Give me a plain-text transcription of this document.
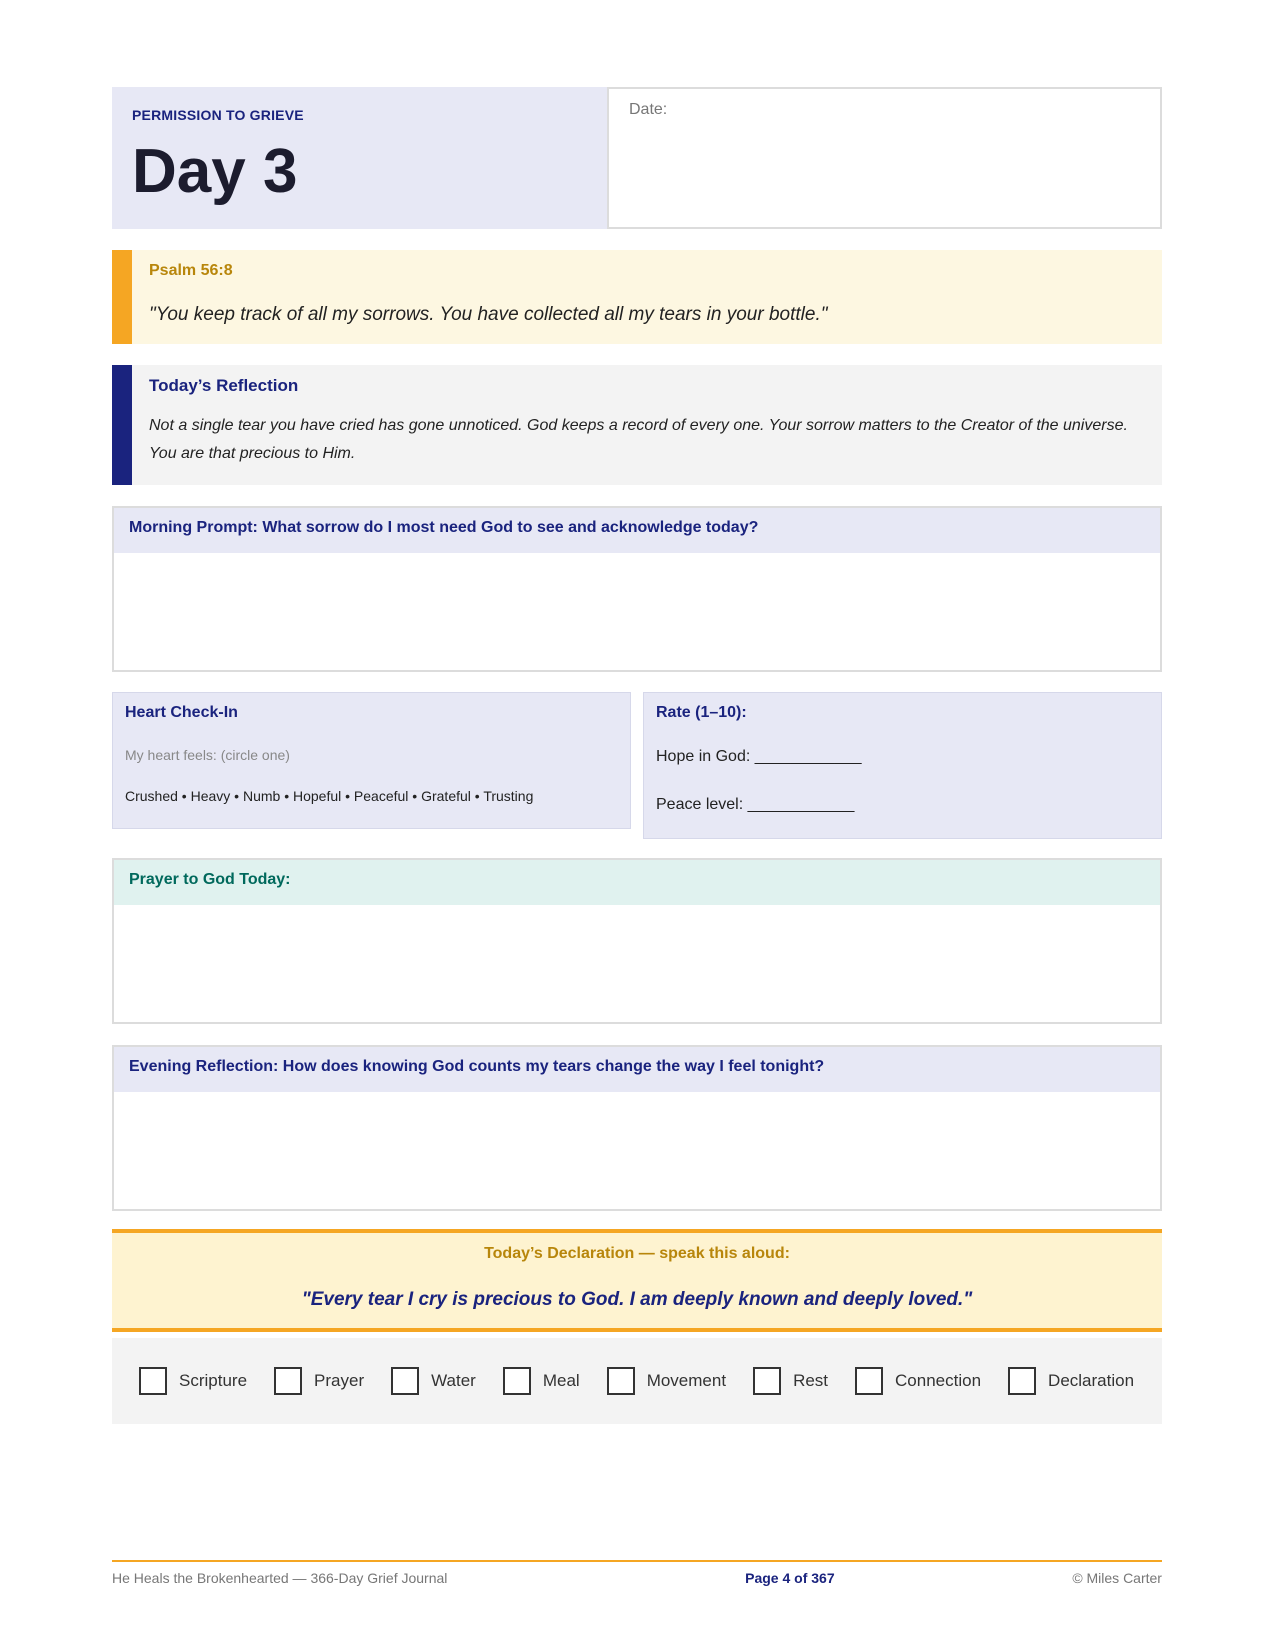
PERMISSION TO GRIEVE
Day 3
Date:
Psalm 56:8
"You keep track of all my sorrows. You have collected all my tears in your bottle."
Today’s Reflection
Not a single tear you have cried has gone unnoticed. God keeps a record of every one. Your sorrow matters to the Creator of the universe. You are that precious to Him.
Morning Prompt: What sorrow do I most need God to see and acknowledge today?
Heart Check-In
My heart feels: (circle one)
Crushed • Heavy • Numb • Hopeful • Peaceful • Grateful • Trusting
Rate (1–10):
Hope in God: ____________
Peace level: ____________
Prayer to God Today:
Evening Reflection: How does knowing God counts my tears change the way I feel tonight?
Today’s Declaration — speak this aloud:
"Every tear I cry is precious to God. I am deeply known and deeply loved."
Scripture	Prayer	Water	Meal	Movement	Rest	Connection	Declaration
He Heals the Brokenhearted — 366-Day Grief Journal	Page 4 of 367	© Miles Carter
